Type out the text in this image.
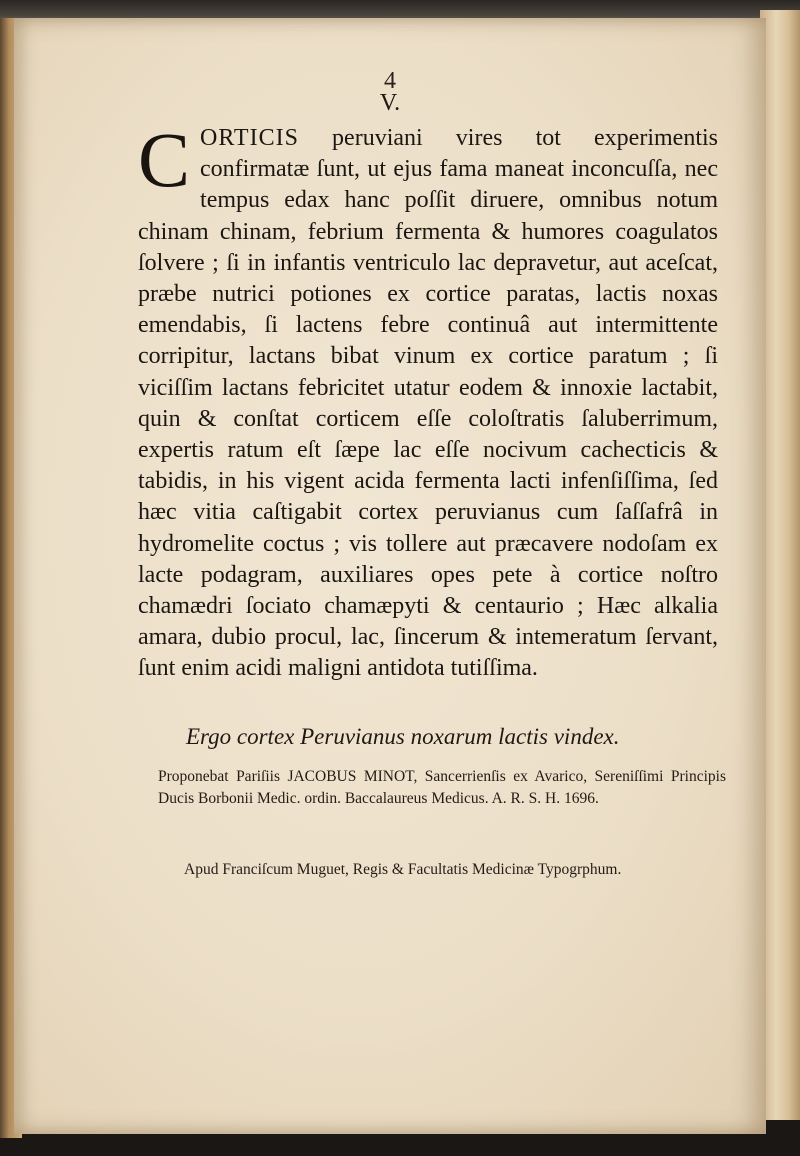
4
V.

CORTICIS peruviani vires tot experimentis confirmatæ ſunt, ut ejus fama maneat inconcuſſa, nec tempus edax hanc poſſit diruere, omnibus notum chinam chinam, febrium fermenta & humores coagulatos ſolvere ; ſi in infantis ventriculo lac depravetur, aut aceſcat, præbe nutrici potiones ex cortice paratas, lactis noxas emendabis, ſi lactens febre continuâ aut intermittente corripitur, lactans bibat vinum ex cortice paratum ; ſi viciſſim lactans febricitet utatur eodem & innoxie lactabit, quin & conſtat corticem eſſe coloſtratis ſaluberrimum, expertis ratum eſt ſæpe lac eſſe nocivum cachecticis & tabidis, in his vigent acida fermenta lacti infenſiſſima, ſed hæc vitia caſtigabit cortex peruvianus cum ſaſſafrâ in hydromelite coctus ; vis tollere aut præcavere nodoſam ex lacte podagram, auxiliares opes pete à cortice noſtro chamædri ſociato chamæpyti & centaurio ; Hæc alkalia amara, dubio procul, lac, ſincerum & intemeratum ſervant, ſunt enim acidi maligni antidota tutiſſima.

Ergo cortex Peruvianus noxarum lactis vindex.

Proponebat Pariſiis JACOBUS MINOT, Sancerrienſis ex Avarico, Sereniſſimi Principis Ducis Borbonii Medic. ordin. Baccalaureus Medicus. A. R. S. H. 1696.

Apud Franciſcum Muguet, Regis & Facultatis Medicinæ Typogrphum.
